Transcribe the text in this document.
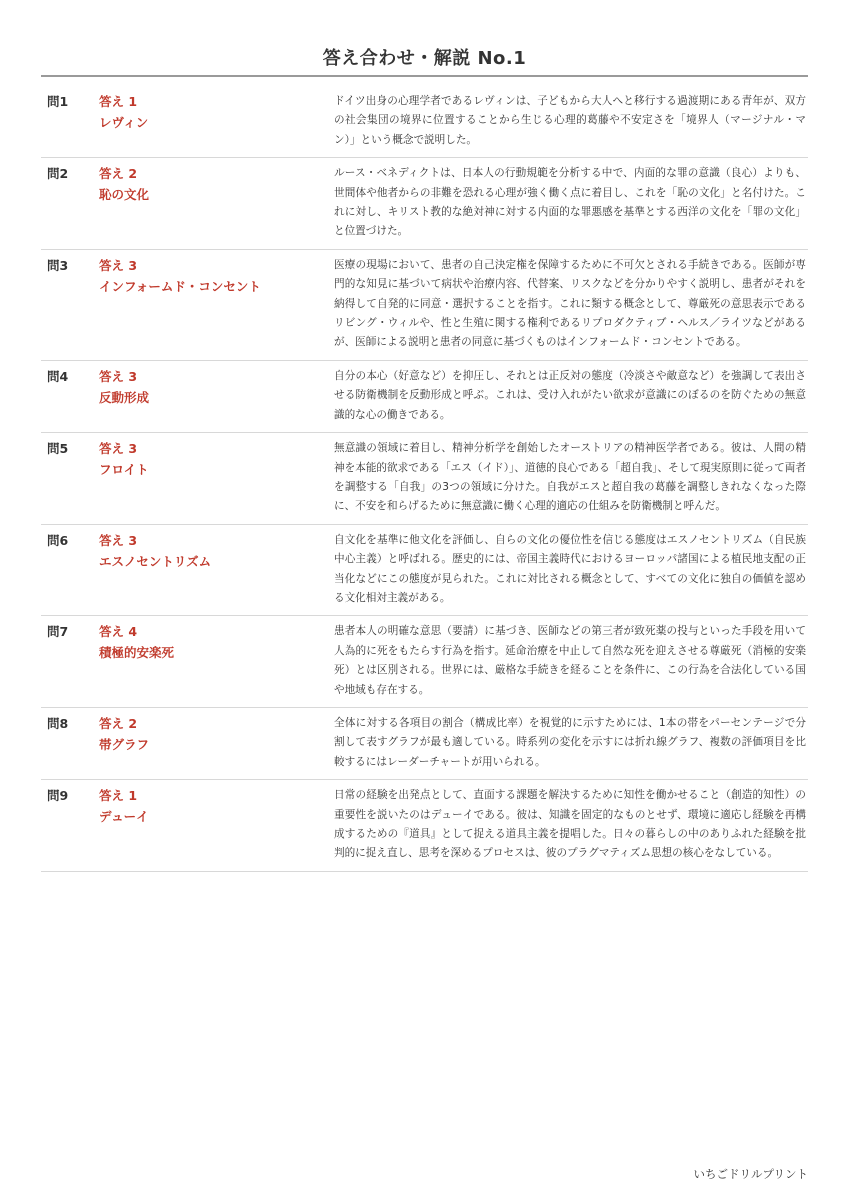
答え合わせ・解説 No.1
問1	答え 1
レヴィン
ドイツ出身の心理学者であるレヴィンは、子どもから大人へと移行する過渡期にある青年が、双方の社会集団の境界に位置することから生じる心理的葛藤や不安定さを「境界人（マージナル・マン）」という概念で説明した。
問2	答え 2
恥の文化
ルース・ベネディクトは、日本人の行動規範を分析する中で、内面的な罪の意識（良心）よりも、世間体や他者からの非難を恐れる心理が強く働く点に着目し、これを「恥の文化」と名付けた。これに対し、キリスト教的な絶対神に対する内面的な罪悪感を基準とする西洋の文化を「罪の文化」と位置づけた。
問3	答え 3
インフォームド・コンセント
医療の現場において、患者の自己決定権を保障するために不可欠とされる手続きである。医師が専門的な知見に基づいて病状や治療内容、代替案、リスクなどを分かりやすく説明し、患者がそれを納得して自発的に同意・選択することを指す。これに類する概念として、尊厳死の意思表示であるリビング・ウィルや、性と生殖に関する権利であるリプロダクティブ・ヘルス／ライツなどがあるが、医師による説明と患者の同意に基づくものはインフォームド・コンセントである。
問4	答え 3
反動形成
自分の本心（好意など）を抑圧し、それとは正反対の態度（冷淡さや敵意など）を強調して表出させる防衛機制を反動形成と呼ぶ。これは、受け入れがたい欲求が意識にのぼるのを防ぐための無意識的な心の働きである。
問5	答え 3
フロイト
無意識の領域に着目し、精神分析学を創始したオーストリアの精神医学者である。彼は、人間の精神を本能的欲求である「エス（イド）」、道徳的良心である「超自我」、そして現実原則に従って両者を調整する「自我」の3つの領域に分けた。自我がエスと超自我の葛藤を調整しきれなくなった際に、不安を和らげるために無意識に働く心理的適応の仕組みを防衛機制と呼んだ。
問6	答え 3
エスノセントリズム
自文化を基準に他文化を評価し、自らの文化の優位性を信じる態度はエスノセントリズム（自民族中心主義）と呼ばれる。歴史的には、帝国主義時代におけるヨーロッパ諸国による植民地支配の正当化などにこの態度が見られた。これに対比される概念として、すべての文化に独自の価値を認める文化相対主義がある。
問7	答え 4
積極的安楽死
患者本人の明確な意思（要請）に基づき、医師などの第三者が致死薬の投与といった手段を用いて人為的に死をもたらす行為を指す。延命治療を中止して自然な死を迎えさせる尊厳死（消極的安楽死）とは区別される。世界には、厳格な手続きを経ることを条件に、この行為を合法化している国や地域も存在する。
問8	答え 2
帯グラフ
全体に対する各項目の割合（構成比率）を視覚的に示すためには、1本の帯をパーセンテージで分割して表すグラフが最も適している。時系列の変化を示すには折れ線グラフ、複数の評価項目を比較するにはレーダーチャートが用いられる。
問9	答え 1
デューイ
日常の経験を出発点として、直面する課題を解決するために知性を働かせること（創造的知性）の重要性を説いたのはデューイである。彼は、知識を固定的なものとせず、環境に適応し経験を再構成するための『道具』として捉える道具主義を提唱した。日々の暮らしの中のありふれた経験を批判的に捉え直し、思考を深めるプロセスは、彼のプラグマティズム思想の核心をなしている。
いちごドリルプリント
